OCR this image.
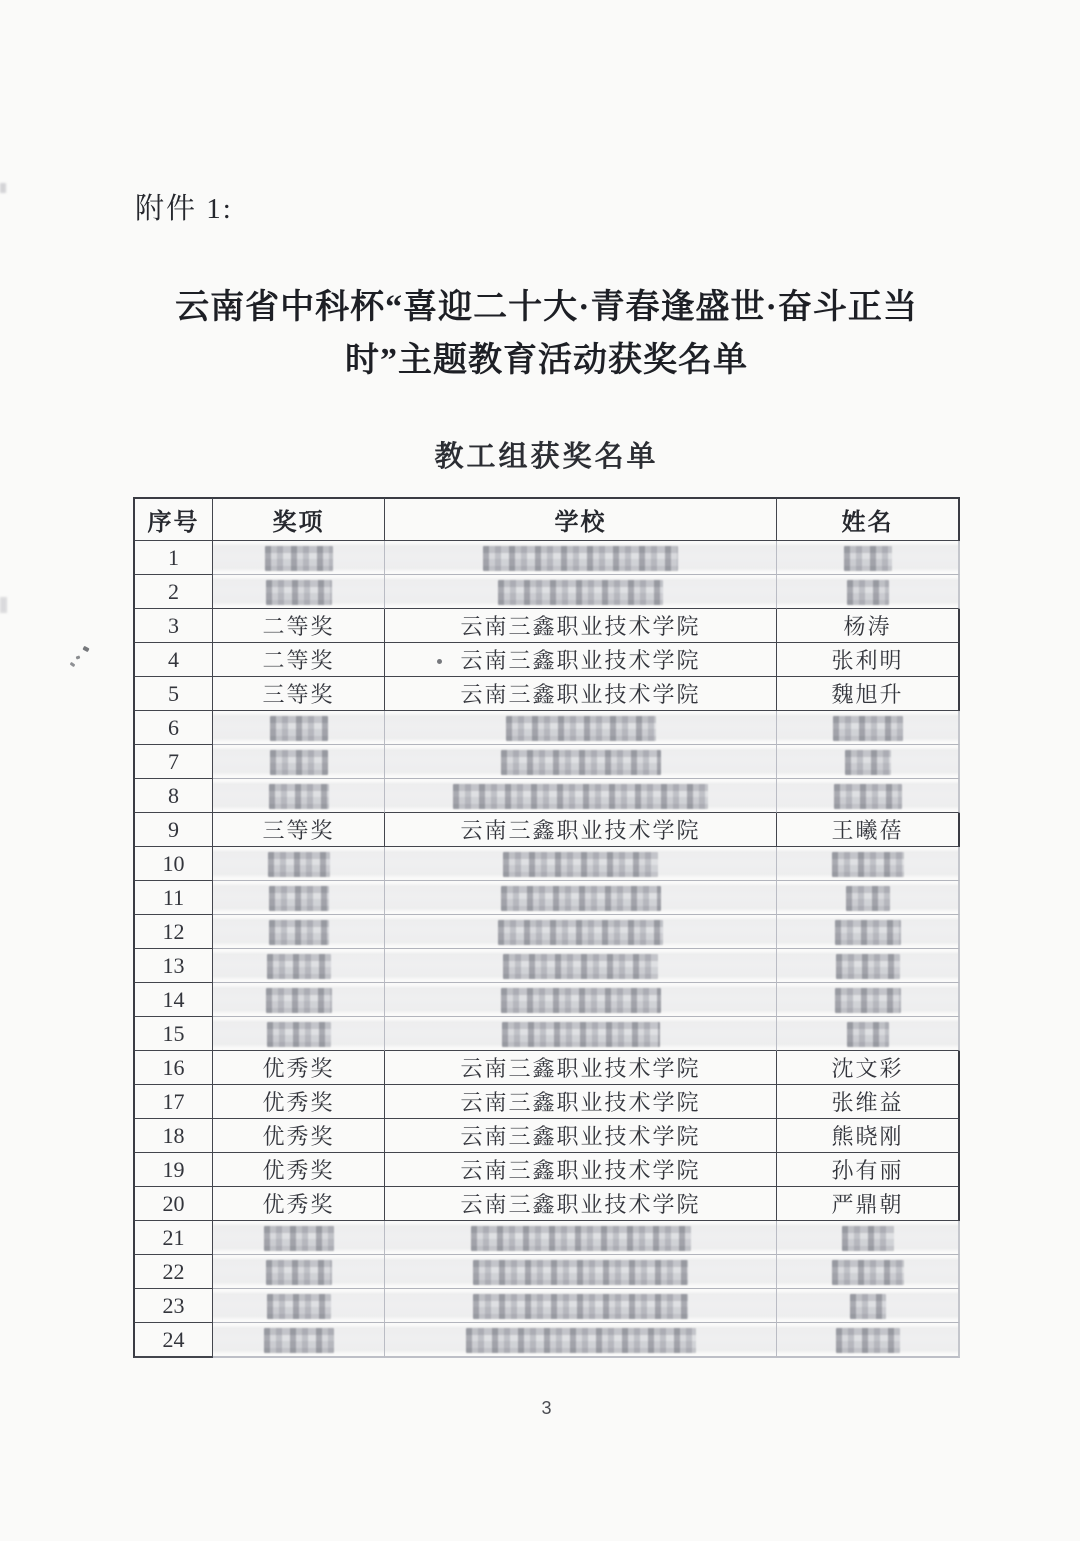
附件 1:
云南省中科杯“喜迎二十大·青春逢盛世·奋斗正当
时”主题教育活动获奖名单
教工组获奖名单
序号	奖项	学校	姓名
1			
2			
3	二等奖	云南三鑫职业技术学院	杨涛
4	二等奖	云南三鑫职业技术学院	张利明
5	三等奖	云南三鑫职业技术学院	魏旭升
6			
7			
8			
9	三等奖	云南三鑫职业技术学院	王曦蓓
10			
11			
12			
13			
14			
15			
16	优秀奖	云南三鑫职业技术学院	沈文彩
17	优秀奖	云南三鑫职业技术学院	张维益
18	优秀奖	云南三鑫职业技术学院	熊晓刚
19	优秀奖	云南三鑫职业技术学院	孙有丽
20	优秀奖	云南三鑫职业技术学院	严鼎朝
21			
22			
23			
24			
3
